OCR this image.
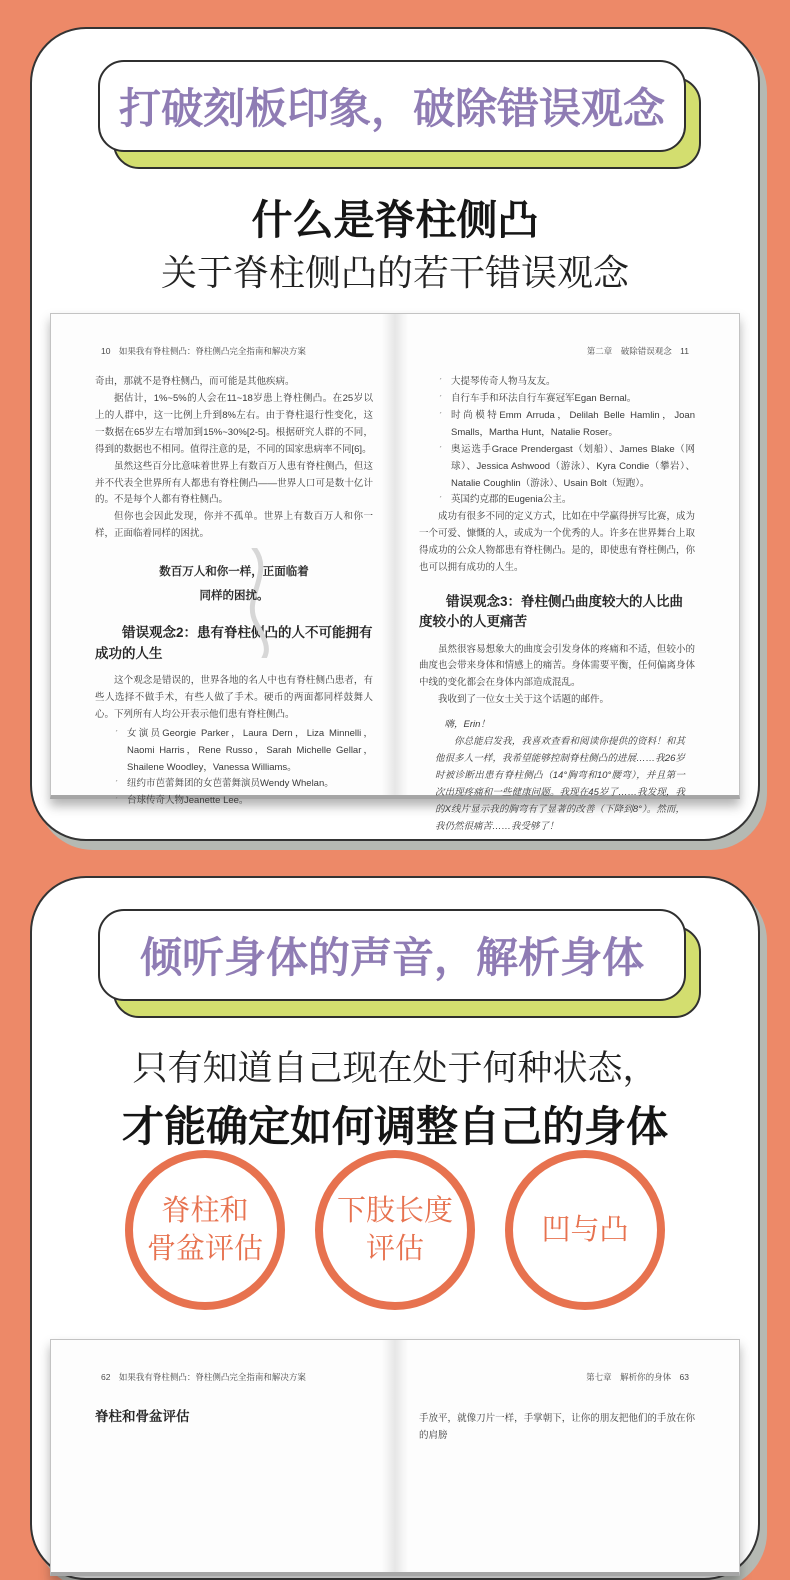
打破刻板印象，破除错误观念
什么是脊柱侧凸
关于脊柱侧凸的若干错误观念
10 如果我有脊柱侧凸：脊柱侧凸完全指南和解决方案

奇由，那就不是脊柱侧凸，而可能是其他疾病。

据估计，1%~5%的人会在11~18岁患上脊柱侧凸。在25岁以上的人群中，这一比例上升到8%左右。由于脊柱退行性变化，这一数据在65岁左右增加到15%~30%[2-5]。根据研究人群的不同，得到的数据也不相同。值得注意的是，不同的国家患病率不同[6]。

虽然这些百分比意味着世界上有数百万人患有脊柱侧凸，但这并不代表全世界所有人都患有脊柱侧凸——世界人口可是数十亿计的。不是每个人都有脊柱侧凸。

但你也会因此发现，你并不孤单。世界上有数百万人和你一样，正面临着同样的困扰。

数百万人和你一样，正面临着
同样的困扰。
错误观念2：患有脊柱侧凸的人不可能拥有成功的人生

这个观念是错误的，世界各地的名人中也有脊柱侧凸患者，有些人选择不做手术，有些人做了手术。硬币的两面都同样鼓舞人心。下列所有人均公开表示他们患有脊柱侧凸。

ˊ 女演员Georgie Parker，Laura Dern，Liza Minnelli，Naomi Harris，Rene Russo，Sarah Michelle Gellar，Shailene Woodley，Vanessa Williams。
ˊ 纽约市芭蕾舞团的女芭蕾舞演员Wendy Whelan。
ˊ 台球传奇人物Jeanette Lee。
第二章　破除错误观念 11
ˊ 大提琴传奇人物马友友。
ˊ 自行车手和环法自行车赛冠军Egan Bernal。
ˊ 时尚模特Emm Arruda，Delilah Belle Hamlin，Joan Smalls，Martha Hunt，Natalie Roser。
ˊ 奥运选手Grace Prendergast（划船）、James Blake（网球）、Jessica Ashwood（游泳）、Kyra Condie（攀岩）、Natalie Coughlin（游泳）、Usain Bolt（短跑）。
ˊ 英国约克郡的Eugenia公主。

成功有很多不同的定义方式，比如在中学赢得拼写比赛，成为一个可爱、慷慨的人，或成为一个优秀的人。许多在世界舞台上取得成功的公众人物都患有脊柱侧凸。是的，即使患有脊柱侧凸，你也可以拥有成功的人生。

错误观念3：脊柱侧凸曲度较大的人比曲度较小的人更痛苦

虽然很容易想象大的曲度会引发身体的疼痛和不适，但较小的曲度也会带来身体和情感上的痛苦。身体需要平衡，任何偏离身体中线的变化都会在身体内部造成混乱。

我收到了一位女士关于这个话题的邮件。

嗨，Erin！

你总能启发我，我喜欢查看和阅读你提供的资料！和其他很多人一样，我希望能够控制脊柱侧凸的进展……我26岁时被诊断出患有脊柱侧凸（14°胸弯和10°腰弯），并且第一次出现疼痛和一些健康问题。我现在45岁了……我发现，我的X线片显示我的胸弯有了显著的改善（下降到8°）。然而，我仍然很痛苦……我受够了！

倾听身体的声音，解析身体
只有知道自己现在处于何种状态，
才能确定如何调整自己的身体
脊柱和
骨盆评估
下肢长度
评估
凹与凸
62 如果我有脊柱侧凸：脊柱侧凸完全指南和解决方案
脊柱和骨盆评估
第七章　解析你的身体 63

手放平，就像刀片一样，手掌朝下，让你的朋友把他们的手放在你的肩膀
